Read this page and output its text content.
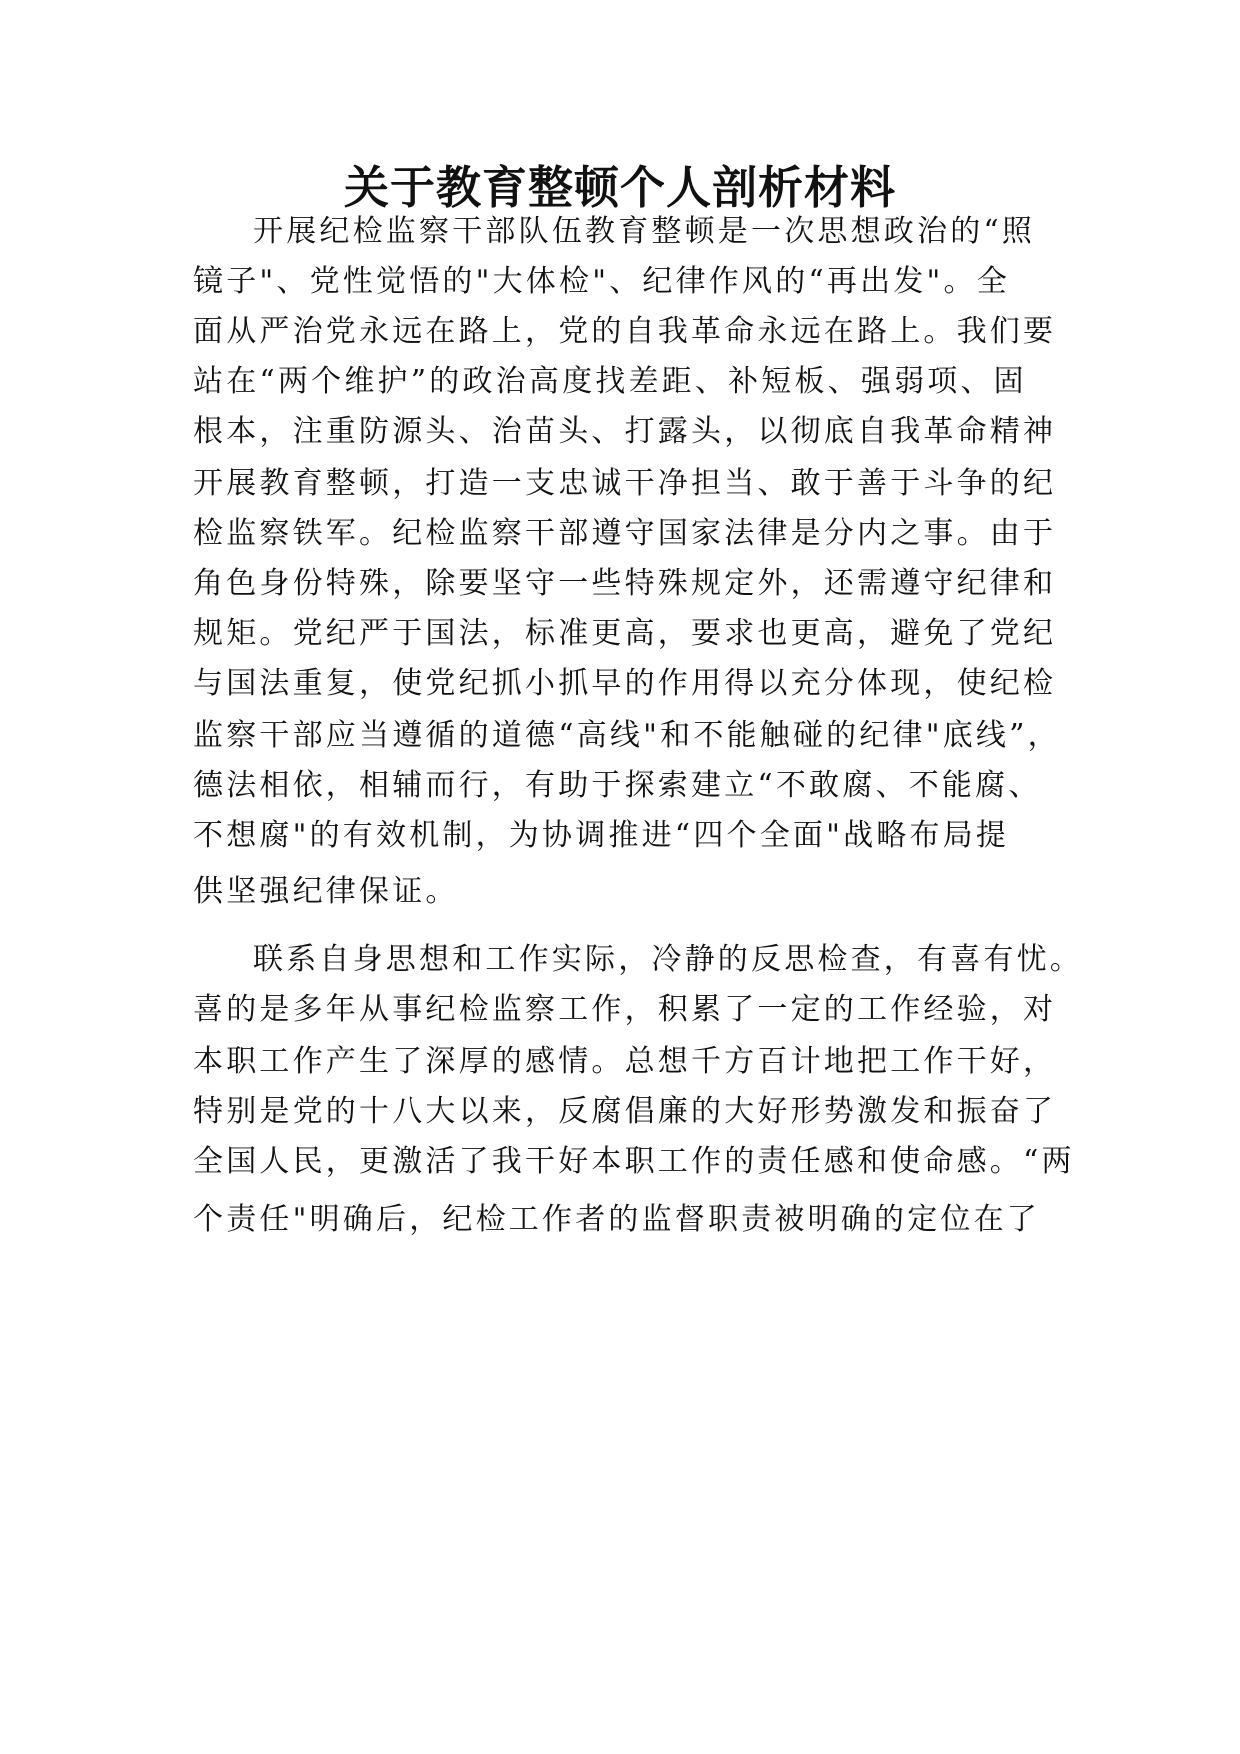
关于教育整顿个人剖析材料
开展纪检监察干部队伍教育整顿是一次思想政治的“照
镜子"、党性觉悟的"大体检"、纪律作风的“再出发"。全
面从严治党永远在路上，党的自我革命永远在路上。我们要
站在“两个维护”的政治高度找差距、补短板、强弱项、固
根本，注重防源头、治苗头、打露头，以彻底自我革命精神
开展教育整顿，打造一支忠诚干净担当、敢于善于斗争的纪
检监察铁军。纪检监察干部遵守国家法律是分内之事。由于
角色身份特殊，除要坚守一些特殊规定外，还需遵守纪律和
规矩。党纪严于国法，标准更高，要求也更高，避免了党纪
与国法重复，使党纪抓小抓早的作用得以充分体现，使纪检
监察干部应当遵循的道德“高线"和不能触碰的纪律"底线”，
德法相依，相辅而行，有助于探索建立“不敢腐、不能腐、
不想腐"的有效机制，为协调推进“四个全面"战略布局提
供坚强纪律保证。
联系自身思想和工作实际，冷静的反思检查，有喜有忧。
喜的是多年从事纪检监察工作，积累了一定的工作经验，对
本职工作产生了深厚的感情。总想千方百计地把工作干好，
特别是党的十八大以来，反腐倡廉的大好形势激发和振奋了
全国人民，更激活了我干好本职工作的责任感和使命感。“两
个责任"明确后，纪检工作者的监督职责被明确的定位在了
